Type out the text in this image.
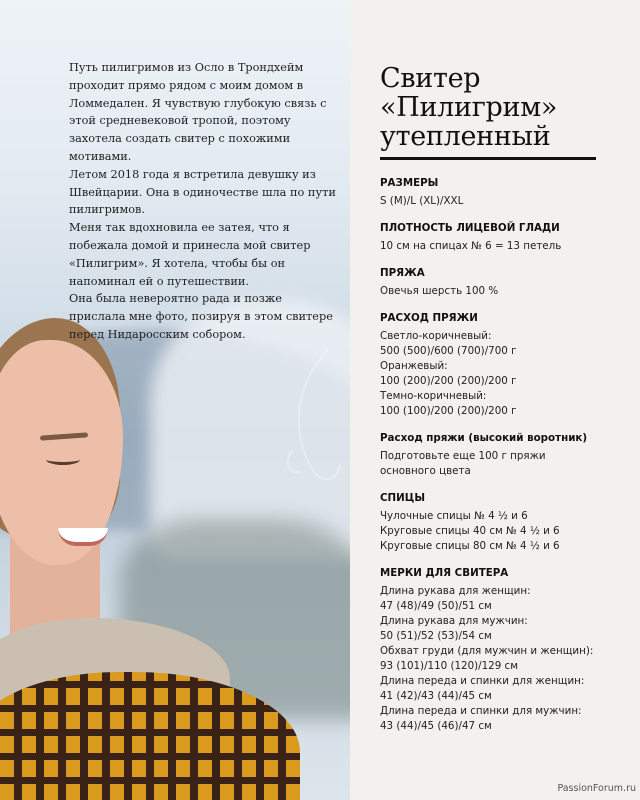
Путь пилигримов из Осло в Трондхейм проходит прямо рядом с моим домом в Ломмедален. Я чувствую глубокую связь с этой средневековой тропой, поэтому захотела создать свитер с похожими мотивами.
Летом 2018 года я встретила девушку из Швейцарии. Она в одиночестве шла по пути пилигримов.
Меня так вдохновила ее затея, что я побежала домой и принесла мой свитер «Пилигрим». Я хотела, чтобы бы он напоминал ей о путешествии.
Она была невероятно рада и позже прислала мне фото, позируя в этом свитере перед Нидаросским собором.

Свитер
«Пилигрим»
утепленный
РАЗМЕРЫ
S (M)/L (XL)/XXL
ПЛОТНОСТЬ ЛИЦЕВОЙ ГЛАДИ
10 см на спицах № 6 = 13 петель
ПРЯЖА
Овечья шерсть 100 %
РАСХОД ПРЯЖИ
Светло-коричневый:
500 (500)/600 (700)/700 г
Оранжевый:
100 (200)/200 (200)/200 г
Темно-коричневый:
100 (100)/200 (200)/200 г
Расход пряжи (высокий воротник)
Подготовьте еще 100 г пряжи
основного цвета
СПИЦЫ
Чулочные спицы № 4 ½ и 6
Круговые спицы 40 см № 4 ½ и 6
Круговые спицы 80 см № 4 ½ и 6
МЕРКИ ДЛЯ СВИТЕРА
Длина рукава для женщин:
47 (48)/49 (50)/51 см
Длина рукава для мужчин:
50 (51)/52 (53)/54 см
Обхват груди (для мужчин и женщин):
93 (101)/110 (120)/129 см
Длина переда и спинки для женщин:
41 (42)/43 (44)/45 см
Длина переда и спинки для мужчин:
43 (44)/45 (46)/47 см
PassionForum.ru
